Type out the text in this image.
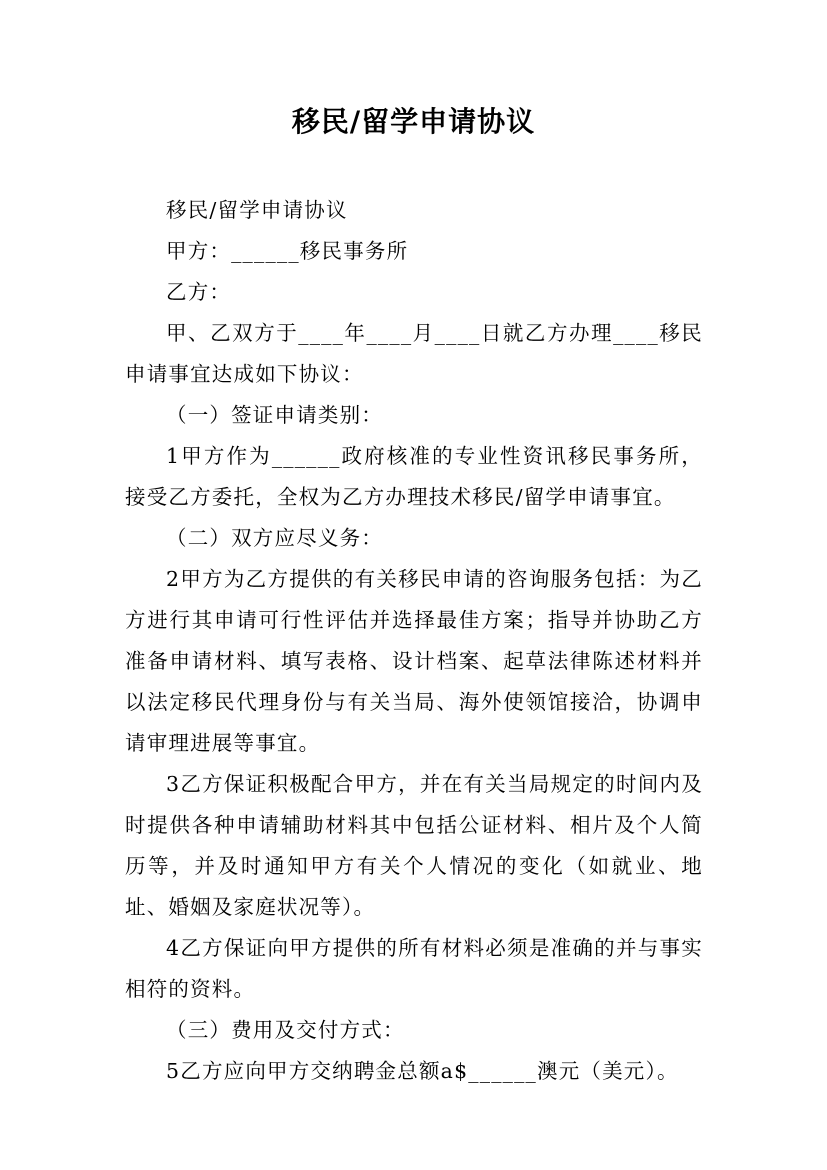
移民/留学申请协议

移民/留学申请协议

甲方：______移民事务所

乙方：

甲、乙双方于____年____月____日就乙方办理____移民申请事宜达成如下协议：

（一）签证申请类别：

1甲方作为______政府核准的专业性资讯移民事务所，接受乙方委托，全权为乙方办理技术移民/留学申请事宜。

（二）双方应尽义务：

2甲方为乙方提供的有关移民申请的咨询服务包括：为乙方进行其申请可行性评估并选择最佳方案；指导并协助乙方准备申请材料、填写表格、设计档案、起草法律陈述材料并以法定移民代理身份与有关当局、海外使领馆接洽，协调申请审理进展等事宜。

3乙方保证积极配合甲方，并在有关当局规定的时间内及时提供各种申请辅助材料其中包括公证材料、相片及个人简历等，并及时通知甲方有关个人情况的变化（如就业、地址、婚姻及家庭状况等）。

4乙方保证向甲方提供的所有材料必须是准确的并与事实相符的资料。

（三）费用及交付方式：

5乙方应向甲方交纳聘金总额a$______澳元（美元）。
